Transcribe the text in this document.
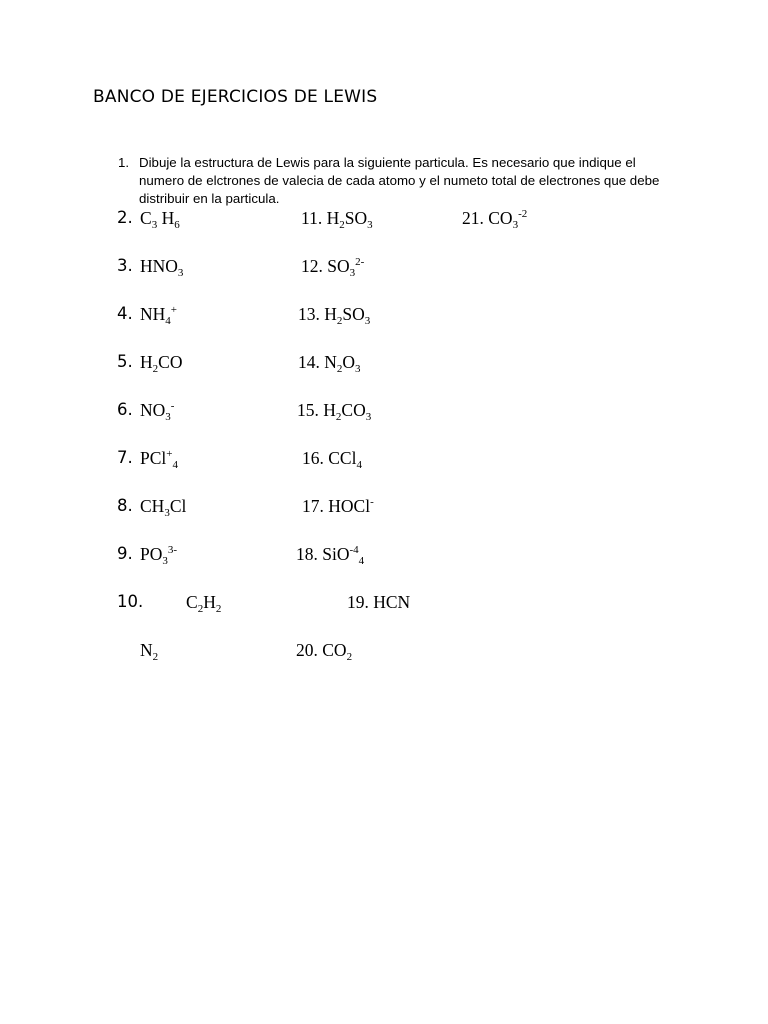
BANCO DE EJERCICIOS DE LEWIS
1. Dibuje la estructura de Lewis para la siguiente particula. Es necesario que indique el numero de elctrones de valecia de cada atomo y el numeto total de electrones que debe distribuir en la particula.
2. $C_3$ $H_6$	11. $H_2SO_3$	21. $CO_3^{-2}$
3. $HNO_3$	12. $SO_3^{2-}$
4. $NH_4^+$	13. $H_2SO_3$
5. $H_2CO$	14. $N_2O_3$
6. $NO_3^-$	15. $H_2CO_3$
7. PCl+$_4$	16. CCl$_4$
8. $CH_3Cl$	17. HOCl-
9. $PO_3^{3-}$	18. SiO$^{-4}_4$
10. $C_2H_2$	19. HCN
$N_2$	20. $CO_2$
